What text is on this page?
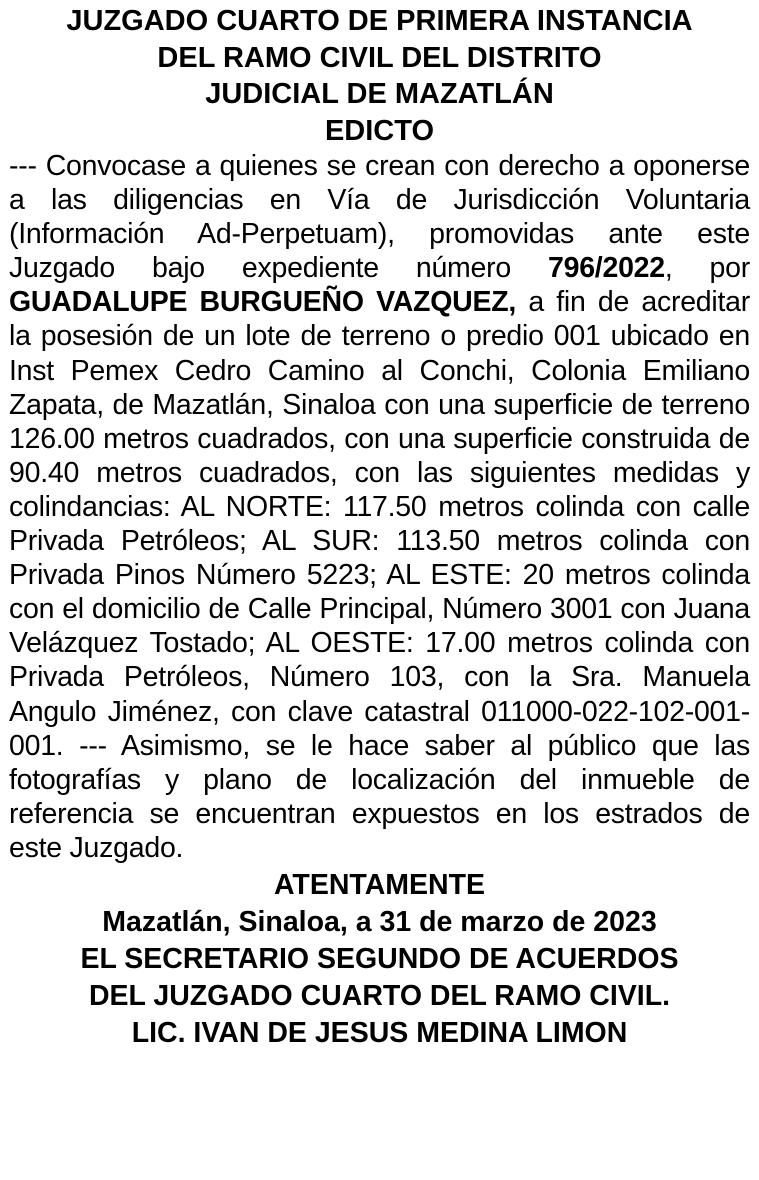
JUZGADO CUARTO DE PRIMERA INSTANCIA
DEL RAMO CIVIL DEL DISTRITO
JUDICIAL DE MAZATLÁN
EDICTO

--- Convocase a quienes se crean con derecho a oponerse a las diligencias en Vía de Jurisdicción Voluntaria (Información Ad-Perpetuam), promovidas ante este Juzgado bajo expediente número 796/2022, por GUADALUPE BURGUEÑO VAZQUEZ, a fin de acreditar la posesión de un lote de terreno o predio 001 ubicado en Inst Pemex Cedro Camino al Conchi, Colonia Emiliano Zapata, de Mazatlán, Sinaloa con una superficie de terreno 126.00 metros cuadrados, con una superficie construida de 90.40 metros cuadrados, con las siguientes medidas y colindancias: AL NORTE: 117.50 metros colinda con calle Privada Petróleos; AL SUR: 113.50 metros colinda con Privada Pinos Número 5223; AL ESTE: 20 metros colinda con el domicilio de Calle Principal, Número 3001 con Juana Velázquez Tostado; AL OESTE: 17.00 metros colinda con Privada Petróleos, Número 103, con la Sra. Manuela Angulo Jiménez, con clave catastral 011000-022-102-001-001. --- Asimismo, se le hace saber al público que las fotografías y plano de localización del inmueble de referencia se encuentran expuestos en los estrados de este Juzgado.

ATENTAMENTE
Mazatlán, Sinaloa, a 31 de marzo de 2023
EL SECRETARIO SEGUNDO DE ACUERDOS
DEL JUZGADO CUARTO DEL RAMO CIVIL.
LIC. IVAN DE JESUS MEDINA LIMON
